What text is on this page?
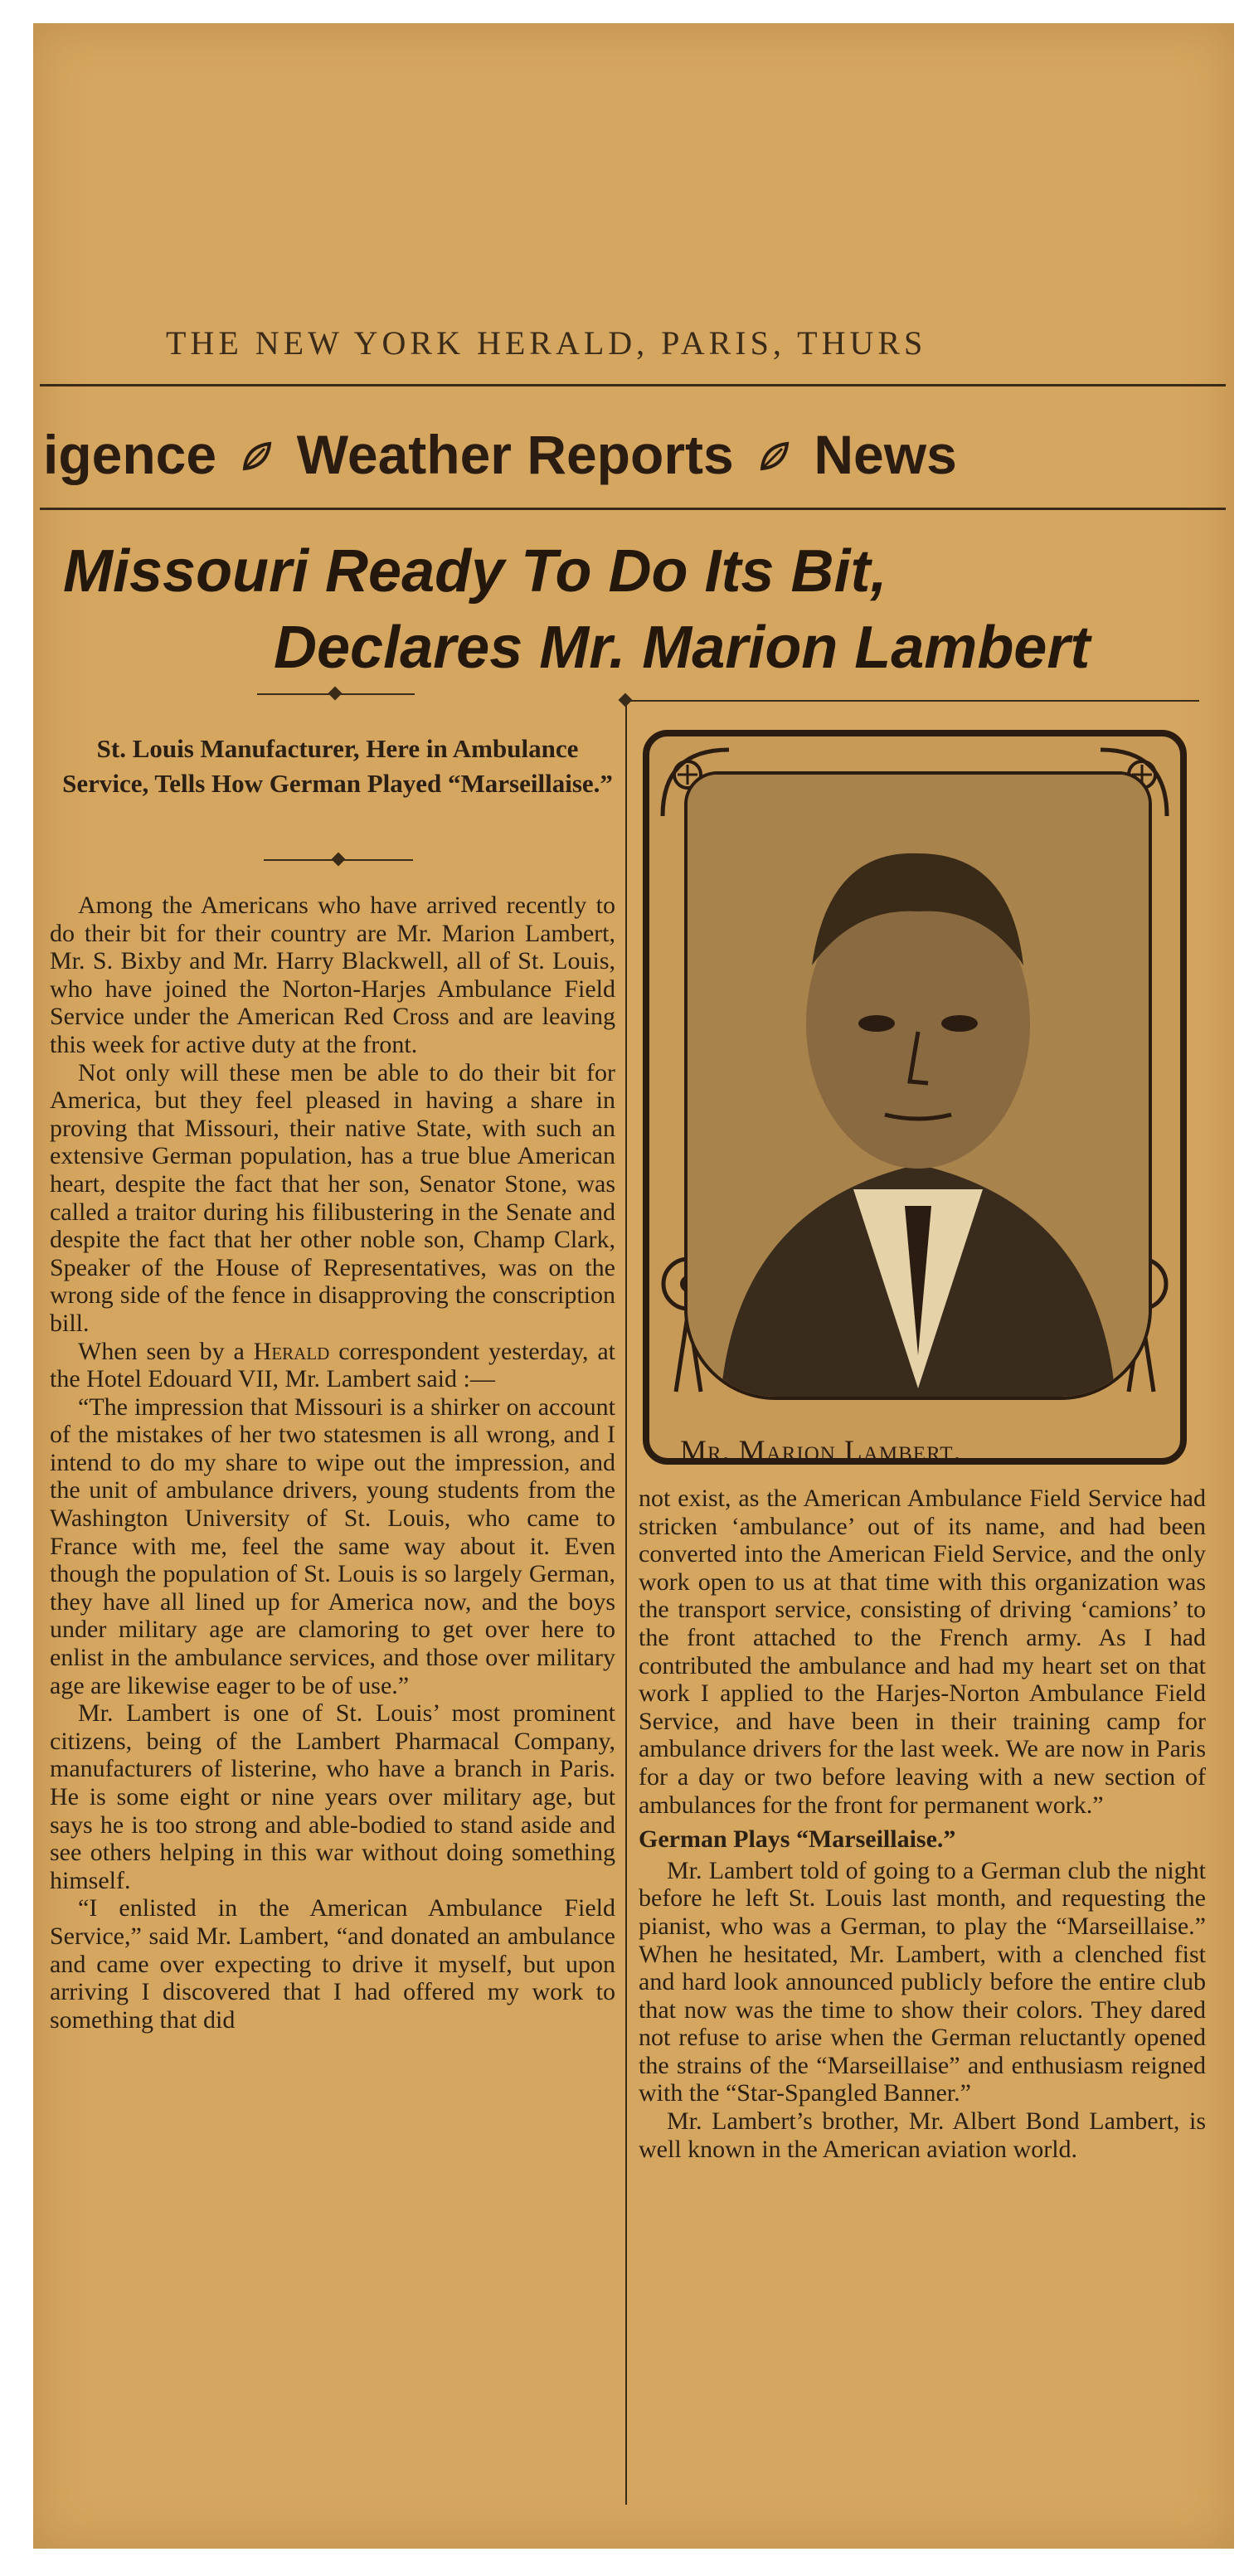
THE NEW YORK HERALD, PARIS, THURS
igence Weather Reports News
Missouri Ready To Do Its Bit,
Declares Mr. Marion Lambert
St. Louis Manufacturer, Here in Ambulance Service, Tells How German Played “Marseillaise.”

Among the Americans who have arrived recently to do their bit for their country are Mr. Marion Lambert, Mr. S. Bixby and Mr. Harry Blackwell, all of St. Louis, who have joined the Norton-Harjes Ambulance Field Service under the American Red Cross and are leaving this week for active duty at the front.

Not only will these men be able to do their bit for America, but they feel pleased in having a share in proving that Missouri, their native State, with such an extensive German population, has a true blue American heart, despite the fact that her son, Senator Stone, was called a traitor during his filibustering in the Senate and despite the fact that her other noble son, Champ Clark, Speaker of the House of Representatives, was on the wrong side of the fence in disapproving the conscription bill.

When seen by a Herald correspondent yesterday, at the Hotel Edouard VII, Mr. Lambert said :—

“The impression that Missouri is a shirker on account of the mistakes of her two statesmen is all wrong, and I intend to do my share to wipe out the impression, and the unit of ambulance drivers, young students from the Washington University of St. Louis, who came to France with me, feel the same way about it. Even though the population of St. Louis is so largely German, they have all lined up for America now, and the boys under military age are clamoring to get over here to enlist in the ambulance services, and those over military age are likewise eager to be of use.”

Mr. Lambert is one of St. Louis’ most prominent citizens, being of the Lambert Pharmacal Company, manufacturers of listerine, who have a branch in Paris. He is some eight or nine years over military age, but says he is too strong and able-bodied to stand aside and see others helping in this war without doing something himself.

“I enlisted in the American Ambulance Field Service,” said Mr. Lambert, “and donated an ambulance and came over expecting to drive it myself, but upon arriving I discovered that I had offered my work to something that did

Mr. Marion Lambert.

not exist, as the American Ambulance Field Service had stricken ‘ambulance’ out of its name, and had been converted into the American Field Service, and the only work open to us at that time with this organization was the transport service, consisting of driving ‘camions’ to the front attached to the French army. As I had contributed the ambulance and had my heart set on that work I applied to the Harjes-Norton Ambulance Field Service, and have been in their training camp for ambulance drivers for the last week. We are now in Paris for a day or two before leaving with a new section of ambulances for the front for permanent work.”

German Plays “Marseillaise.”

Mr. Lambert told of going to a German club the night before he left St. Louis last month, and requesting the pianist, who was a German, to play the “Marseillaise.” When he hesitated, Mr. Lambert, with a clenched fist and hard look announced publicly before the entire club that now was the time to show their colors. They dared not refuse to arise when the German reluctantly opened the strains of the “Marseillaise” and enthusiasm reigned with the “Star-Spangled Banner.”

Mr. Lambert’s brother, Mr. Albert Bond Lambert, is well known in the American aviation world.
